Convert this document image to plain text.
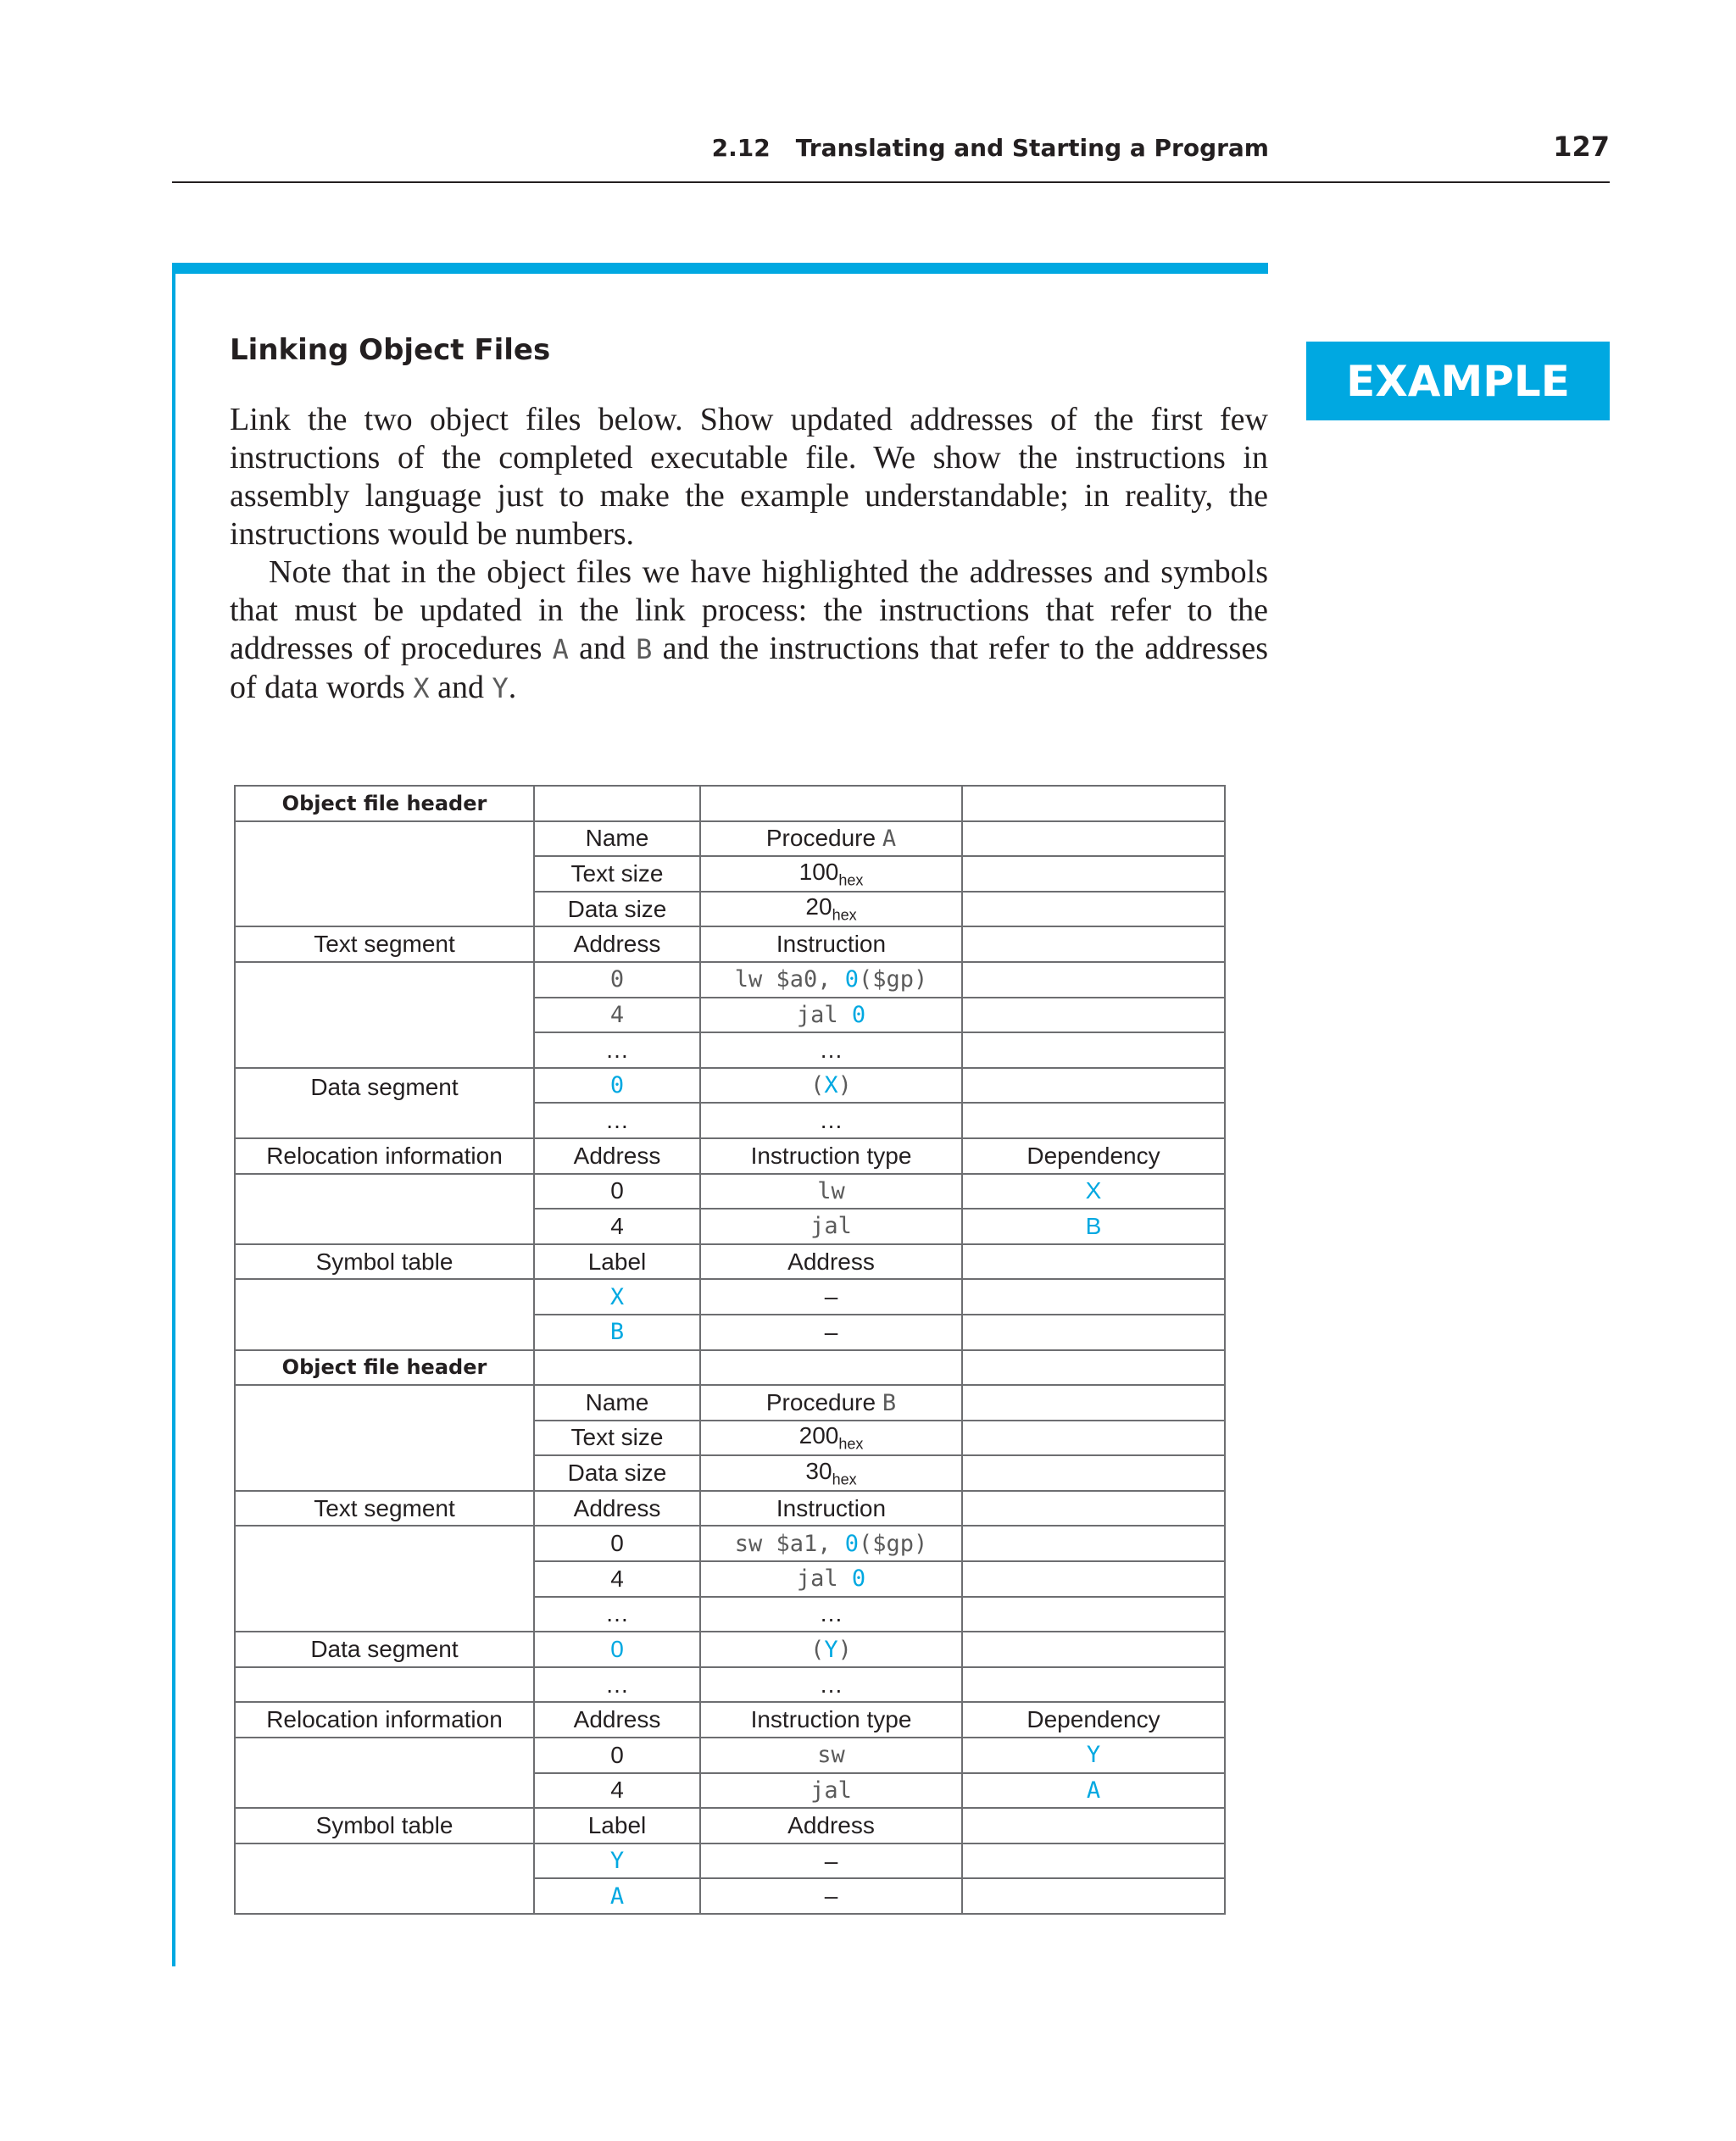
2.12 Translating and Starting a Program	127
EXAMPLE
Linking Object Files

Link the two object files below. Show updated addresses of the first few instructions of the completed executable file. We show the instructions in assembly language just to make the example understandable; in reality, the instructions would be numbers.

Note that in the object files we have highlighted the addresses and symbols that must be updated in the link process: the instructions that refer to the addresses of procedures A and B and the instructions that refer to the addresses of data words X and Y.

Object file header			
	Name	Procedure A	
	Text size	$100_{hex}$	
	Data size	$20_{hex}$	
Text segment	Address	Instruction	
	0	lw $a0, 0($gp)	
	4	jal 0	
	…	…	
Data segment	0	(X)	
	…	…	
Relocation information	Address	Instruction type	Dependency
	0	lw	X
	4	jal	B
Symbol table	Label	Address	
	X	–	
	B	–	
Object file header			
	Name	Procedure B	
	Text size	$200_{hex}$	
	Data size	$30_{hex}$	
Text segment	Address	Instruction	
	0	sw $a1, 0($gp)	
	4	jal 0	
	…	…	
Data segment	0	(Y)	
	…	…	
Relocation information	Address	Instruction type	Dependency
	0	sw	Y
	4	jal	A
Symbol table	Label	Address	
	Y	–	
	A	–	
